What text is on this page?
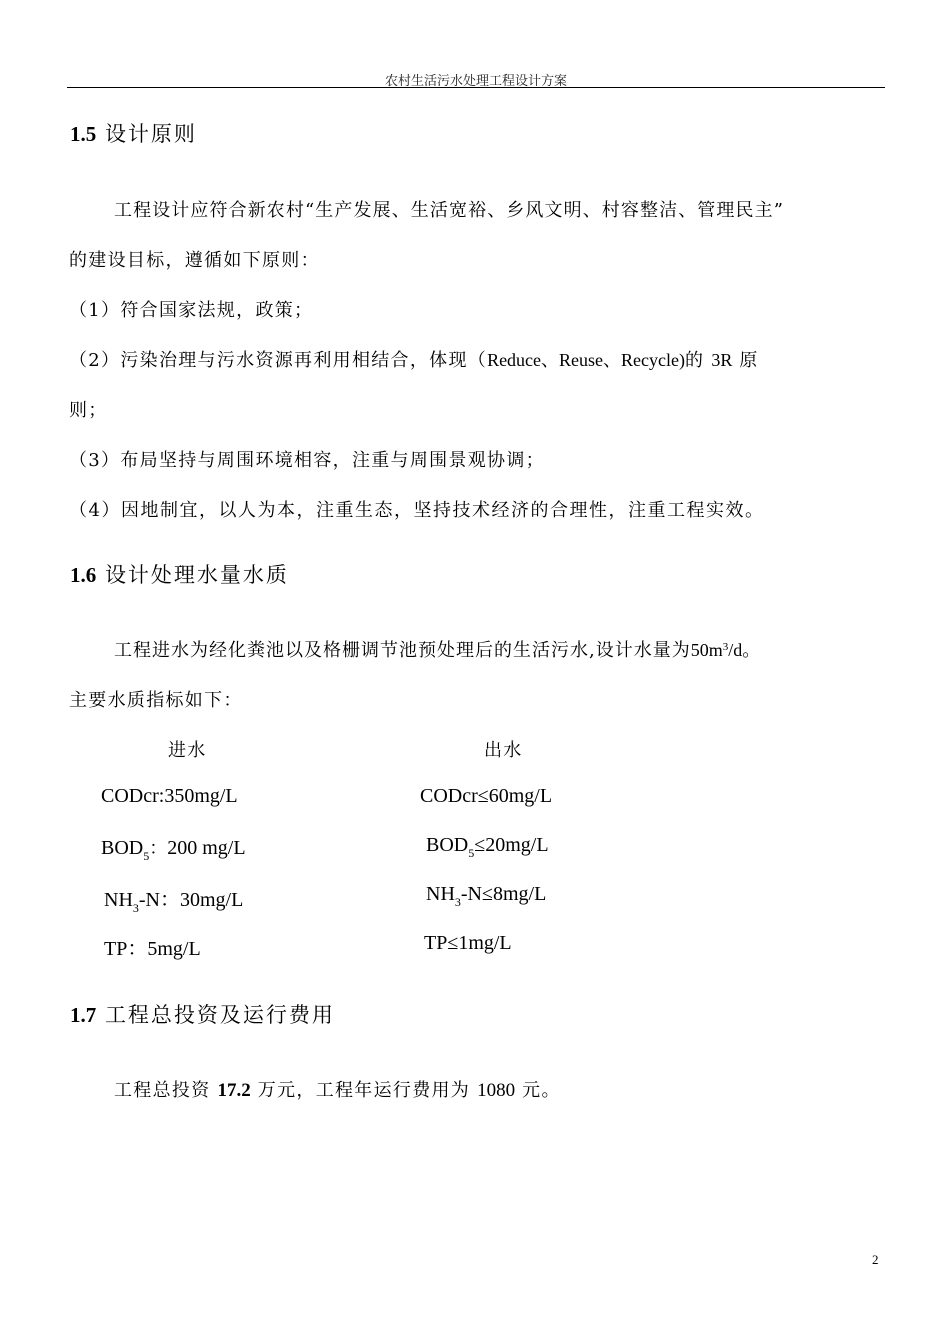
农村生活污水处理工程设计方案
1.5 设计原则
工程设计应符合新农村“生产发展、生活宽裕、乡风文明、村容整洁、管理民主”
的建设目标，遵循如下原则：
（1）符合国家法规，政策；
（2）污染治理与污水资源再利用相结合，体现（Reduce、Reuse、Recycle)的 3R 原
则；
（3）布局坚持与周围环境相容，注重与周围景观协调；
（4）因地制宜，以人为本，注重生态，坚持技术经济的合理性，注重工程实效。
1.6 设计处理水量水质
工程进水为经化粪池以及格栅调节池预处理后的生活污水,设计水量为$50m^3/d$。
主要水质指标如下：
进水	出水
CODcr:350mg/L	CODcr≤60mg/L
$BOD_5$：200 mg/L	$BOD_5\le 20mg/L$
$NH_3-N$：30mg/L	$NH_3-N\le 8mg/L$
TP：5mg/L	TP≤1mg/L
1.7 工程总投资及运行费用
工程总投资 17.2 万元，工程年运行费用为 1080 元。
2
